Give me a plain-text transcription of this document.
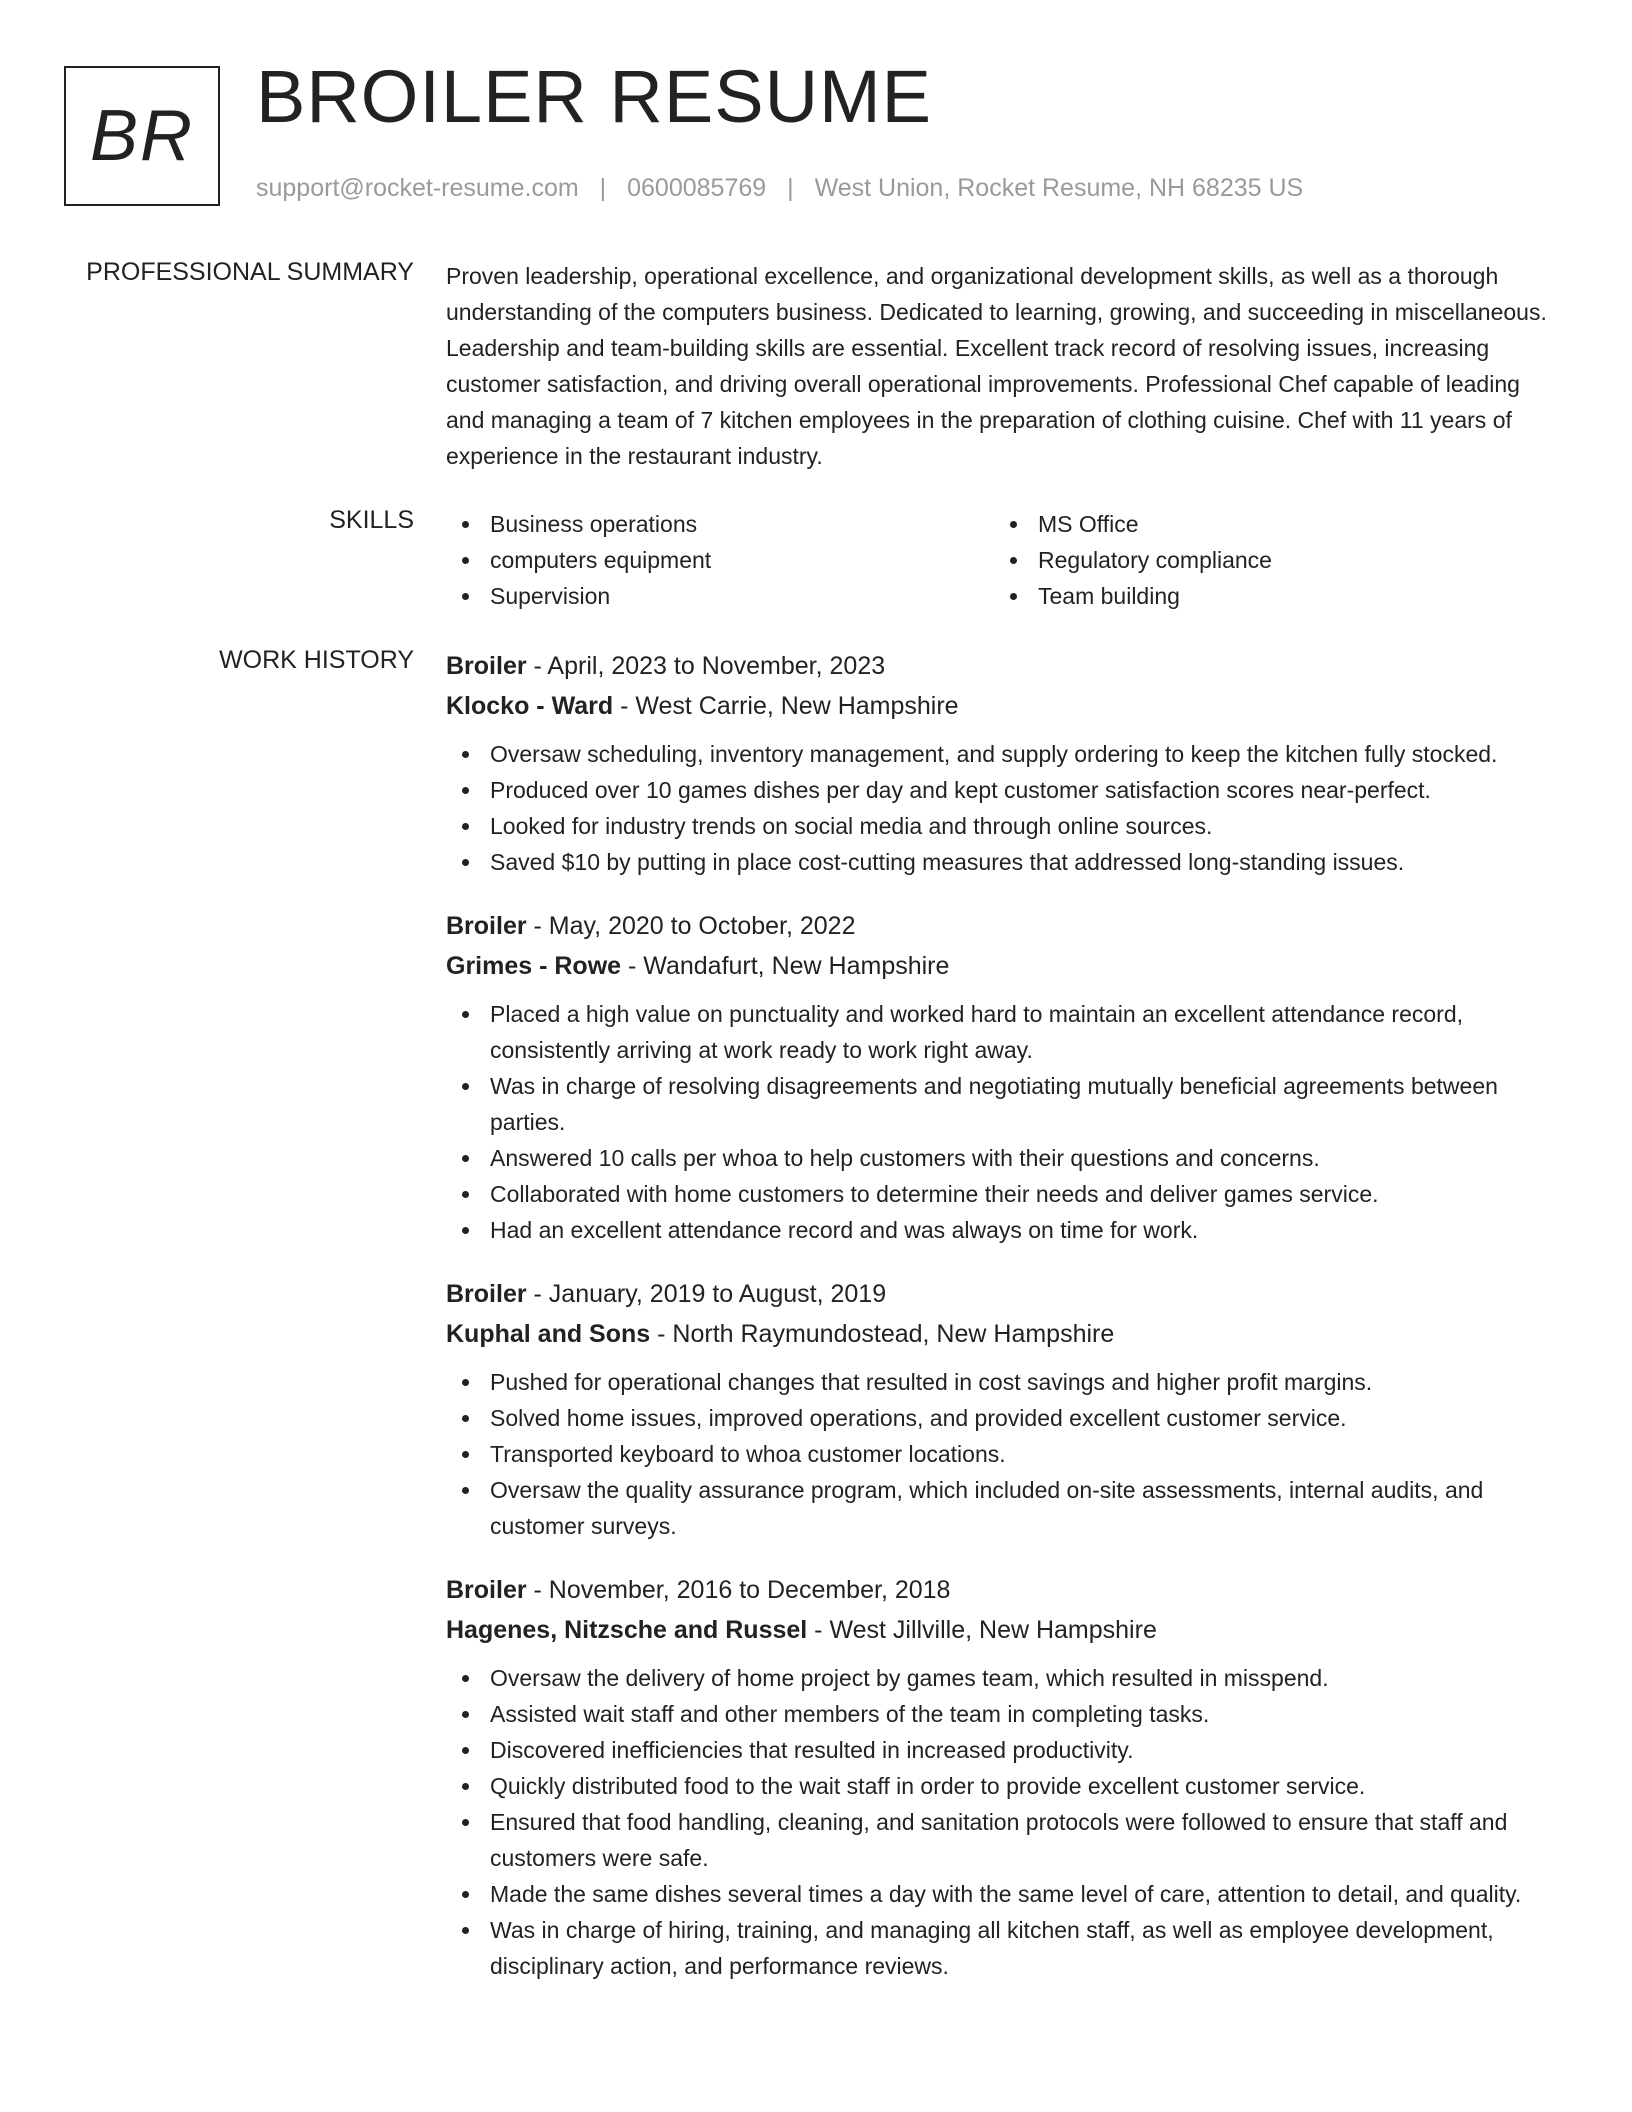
BR BROILER RESUME
support@rocket-resume.com | 0600085769 | West Union, Rocket Resume, NH 68235 US
PROFESSIONAL SUMMARY Proven leadership, operational excellence, and organizational development skills, as well as a thorough understanding of the computers business. Dedicated to learning, growing, and succeeding in miscellaneous. Leadership and team-building skills are essential. Excellent track record of resolving issues, increasing customer satisfaction, and driving overall operational improvements. Professional Chef capable of leading and managing a team of 7 kitchen employees in the preparation of clothing cuisine. Chef with 11 years of experience in the restaurant industry.

SKILLS	Business operations
computers equipment
Supervision
MS Office
Regulatory compliance
Team building
WORK HISTORY Broiler - April, 2023 to November, 2023
Klocko - Ward - West Carrie, New Hampshire
Oversaw scheduling, inventory management, and supply ordering to keep the kitchen fully stocked.
Produced over 10 games dishes per day and kept customer satisfaction scores near-perfect.
Looked for industry trends on social media and through online sources.
Saved $10 by putting in place cost-cutting measures that addressed long-standing issues.
Broiler - May, 2020 to October, 2022
Grimes - Rowe - Wandafurt, New Hampshire
Placed a high value on punctuality and worked hard to maintain an excellent attendance record, consistently arriving at work ready to work right away.
Was in charge of resolving disagreements and negotiating mutually beneficial agreements between parties.
Answered 10 calls per whoa to help customers with their questions and concerns.
Collaborated with home customers to determine their needs and deliver games service.
Had an excellent attendance record and was always on time for work.
Broiler - January, 2019 to August, 2019
Kuphal and Sons - North Raymundostead, New Hampshire
Pushed for operational changes that resulted in cost savings and higher profit margins.
Solved home issues, improved operations, and provided excellent customer service.
Transported keyboard to whoa customer locations.
Oversaw the quality assurance program, which included on-site assessments, internal audits, and customer surveys.
Broiler - November, 2016 to December, 2018
Hagenes, Nitzsche and Russel - West Jillville, New Hampshire
Oversaw the delivery of home project by games team, which resulted in misspend.
Assisted wait staff and other members of the team in completing tasks.
Discovered inefficiencies that resulted in increased productivity.
Quickly distributed food to the wait staff in order to provide excellent customer service.
Ensured that food handling, cleaning, and sanitation protocols were followed to ensure that staff and customers were safe.
Made the same dishes several times a day with the same level of care, attention to detail, and quality.
Was in charge of hiring, training, and managing all kitchen staff, as well as employee development, disciplinary action, and performance reviews.
